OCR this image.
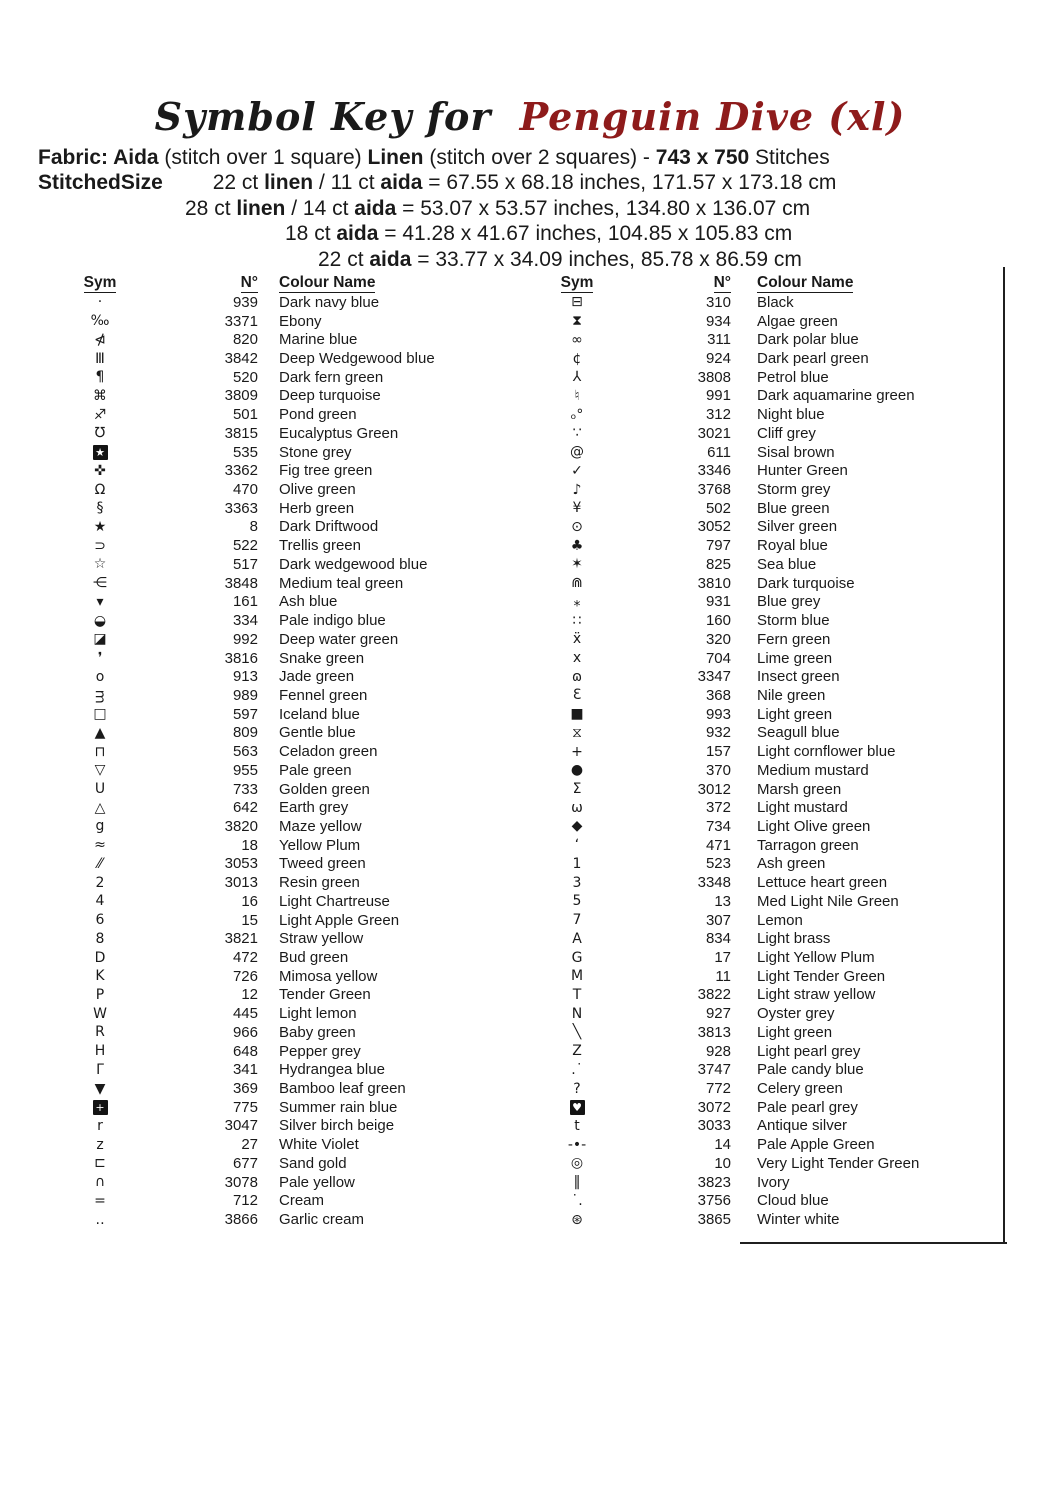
Symbol Key for Penguin Dive (xl)
Fabric: Aida (stitch over 1 square) Linen (stitch over 2 squares) - 743 x 750 Stitches
StitchedSize 22 ct linen / 11 ct aida = 67.55 x 68.18 inches, 171.57 x 173.18 cm
28 ct linen / 14 ct aida = 53.07 x 53.57 inches, 134.80 x 136.07 cm
18 ct aida = 41.28 x 41.67 inches, 104.85 x 105.83 cm
22 ct aida = 33.77 x 34.09 inches, 85.78 x 86.59 cm
Sym	N°	Colour Name
·	939	Dark navy blue
‰	3371	Ebony
⋪	820	Marine blue
Ⅲ	3842	Deep Wedgewood blue
¶	520	Dark fern green
⌘	3809	Deep turquoise
♐	501	Pond green
℧	3815	Eucalyptus Green
★	535	Stone grey
✜	3362	Fig tree green
Ω	470	Olive green
§	3363	Herb green
★	8	Dark Driftwood
⊃	522	Trellis green
☆	517	Dark wedgewood blue
⋲	3848	Medium teal green
▾	161	Ash blue
◒	334	Pale indigo blue
◪	992	Deep water green
❜	3816	Snake green
o	913	Jade green
ᴟ	989	Fennel green
□	597	Iceland blue
▲	809	Gentle blue
⊓	563	Celadon green
▽	955	Pale green
ᑌ	733	Golden green
△	642	Earth grey
g	3820	Maze yellow
≈	18	Yellow Plum
⁄⁄	3053	Tweed green
2	3013	Resin green
4	16	Light Chartreuse
6	15	Light Apple Green
8	3821	Straw yellow
D	472	Bud green
K	726	Mimosa yellow
P	12	Tender Green
W	445	Light lemon
R	966	Baby green
H	648	Pepper grey
Γ	341	Hydrangea blue
▼	369	Bamboo leaf green
+	775	Summer rain blue
r	3047	Silver birch beige
z	27	White Violet
⊏	677	Sand gold
∩	3078	Pale yellow
=	712	Cream
‥	3866	Garlic cream
Sym	N°	Colour Name
⊟	310	Black
⧗	934	Algae green
∞	311	Dark polar blue
¢	924	Dark pearl green
⅄	3808	Petrol blue
♮	991	Dark aquamarine green
ₒ°	312	Night blue
∵	3021	Cliff grey
@	611	Sisal brown
✓	3346	Hunter Green
♪	3768	Storm grey
¥	502	Blue green
⊙	3052	Silver green
♣	797	Royal blue
✶	825	Sea blue
⋒	3810	Dark turquoise
⁎	931	Blue grey
∷	160	Storm blue
ẍ	320	Fern green
x	704	Lime green
ɷ	3347	Insect green
Ɛ	368	Nile green
■	993	Light green
⧖	932	Seagull blue
+	157	Light cornflower blue
●	370	Medium mustard
Σ	3012	Marsh green
ω	372	Light mustard
◆	734	Light Olive green
ʻ	471	Tarragon green
1	523	Ash green
3	3348	Lettuce heart green
5	13	Med Light Nile Green
7	307	Lemon
A	834	Light brass
G	17	Light Yellow Plum
M	11	Light Tender Green
T	3822	Light straw yellow
N	927	Oyster grey
╲	3813	Light green
Z	928	Light pearl grey
.˙	3747	Pale candy blue
?	772	Celery green
♥	3072	Pale pearl grey
t	3033	Antique silver
-•-	14	Pale Apple Green
◎	10	Very Light Tender Green
‖	3823	Ivory
˙.	3756	Cloud blue
⊛	3865	Winter white
